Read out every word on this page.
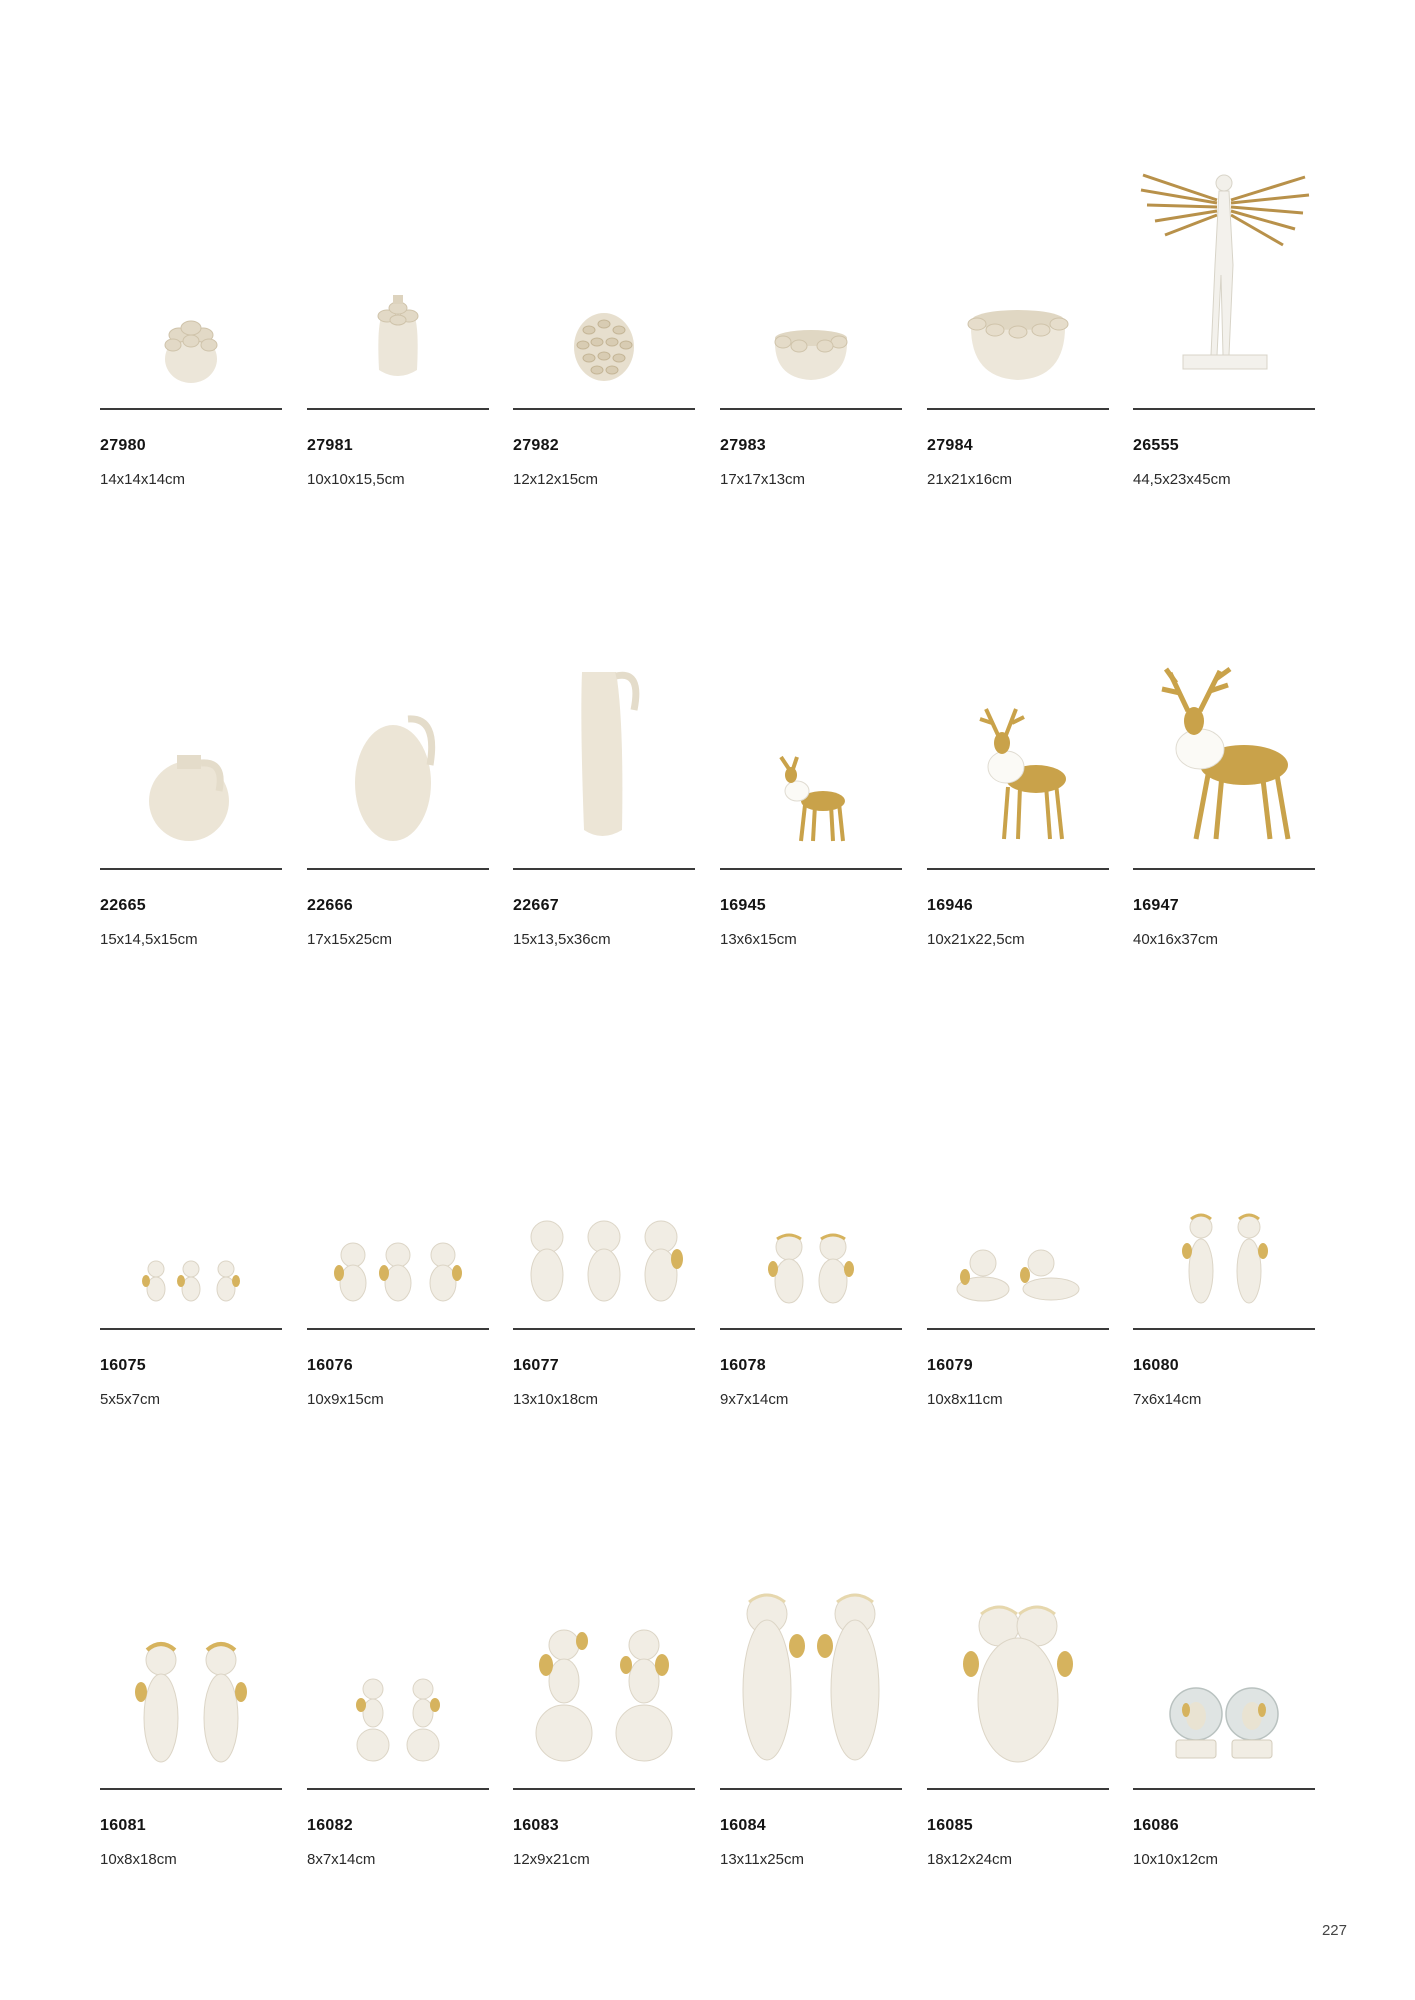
27980
14x14x14cm
27981
10x10x15,5cm
27982
12x12x15cm
27983
17x17x13cm
27984
21x21x16cm
26555
44,5x23x45cm
22665
15x14,5x15cm
22666
17x15x25cm
22667
15x13,5x36cm
16945
13x6x15cm
16946
10x21x22,5cm
16947
40x16x37cm
16075
5x5x7cm
16076
10x9x15cm
16077
13x10x18cm
16078
9x7x14cm
16079
10x8x11cm
16080
7x6x14cm
16081
10x8x18cm
16082
8x7x14cm
16083
12x9x21cm
16084
13x11x25cm
16085
18x12x24cm
16086
10x10x12cm
227
